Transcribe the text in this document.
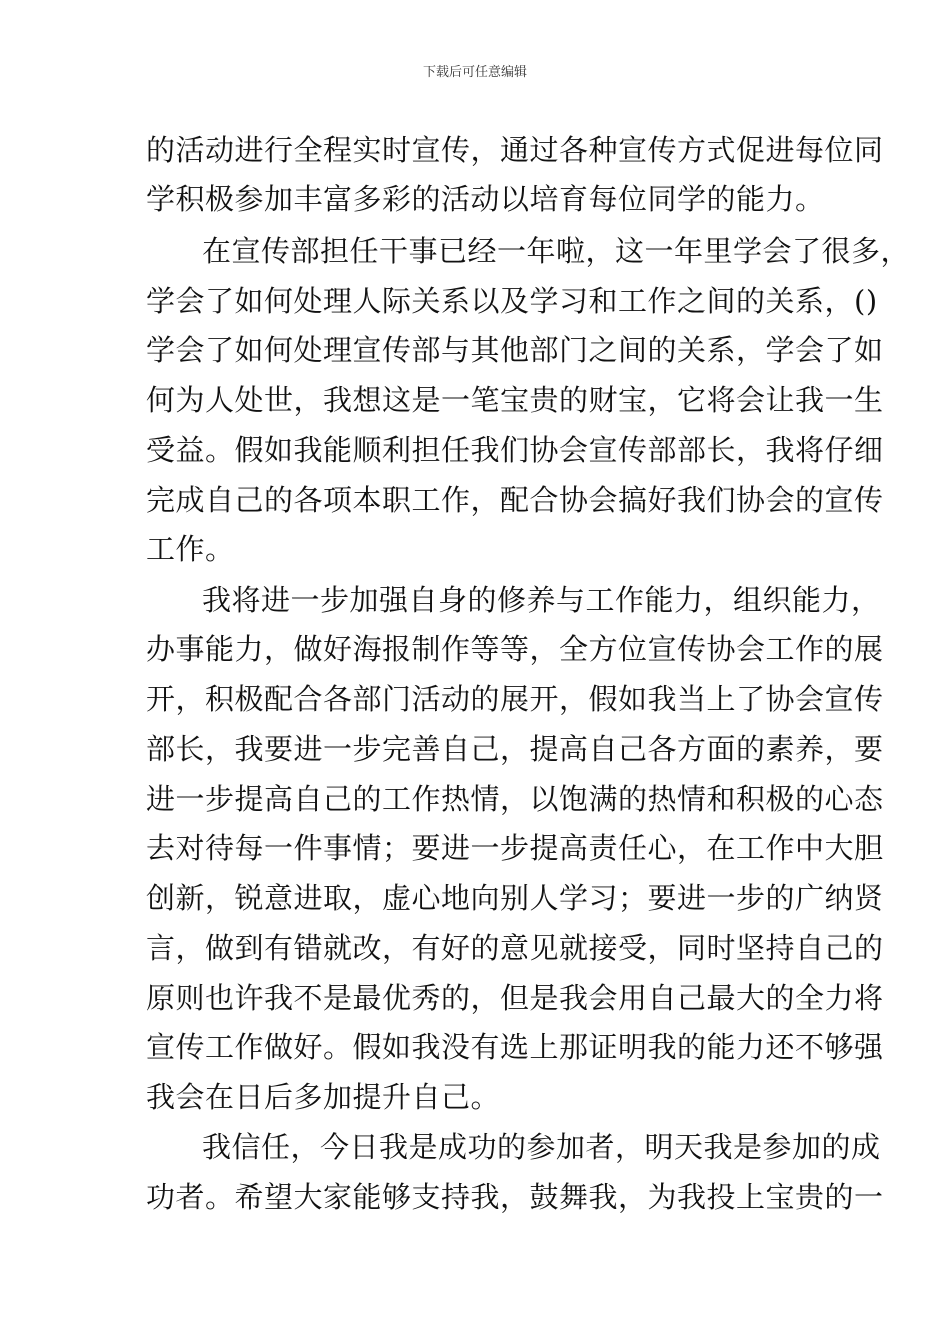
下载后可任意编辑
的活动进行全程实时宣传，通过各种宣传方式促进每位同
学积极参加丰富多彩的活动以培育每位同学的能力。
在宣传部担任干事已经一年啦，这一年里学会了很多，
学会了如何处理人际关系以及学习和工作之间的关系，()
学会了如何处理宣传部与其他部门之间的关系，学会了如
何为人处世，我想这是一笔宝贵的财宝，它将会让我一生
受益。假如我能顺利担任我们协会宣传部部长，我将仔细
完成自己的各项本职工作，配合协会搞好我们协会的宣传
工作。
我将进一步加强自身的修养与工作能力，组织能力，
办事能力，做好海报制作等等，全方位宣传协会工作的展
开，积极配合各部门活动的展开，假如我当上了协会宣传
部长，我要进一步完善自己，提高自己各方面的素养，要
进一步提高自己的工作热情，以饱满的热情和积极的心态
去对待每一件事情；要进一步提高责任心，在工作中大胆
创新，锐意进取，虚心地向别人学习；要进一步的广纳贤
言，做到有错就改，有好的意见就接受，同时坚持自己的
原则也许我不是最优秀的，但是我会用自己最大的全力将
宣传工作做好。假如我没有选上那证明我的能力还不够强
我会在日后多加提升自己。
我信任，今日我是成功的参加者，明天我是参加的成
功者。希望大家能够支持我，鼓舞我，为我投上宝贵的一
